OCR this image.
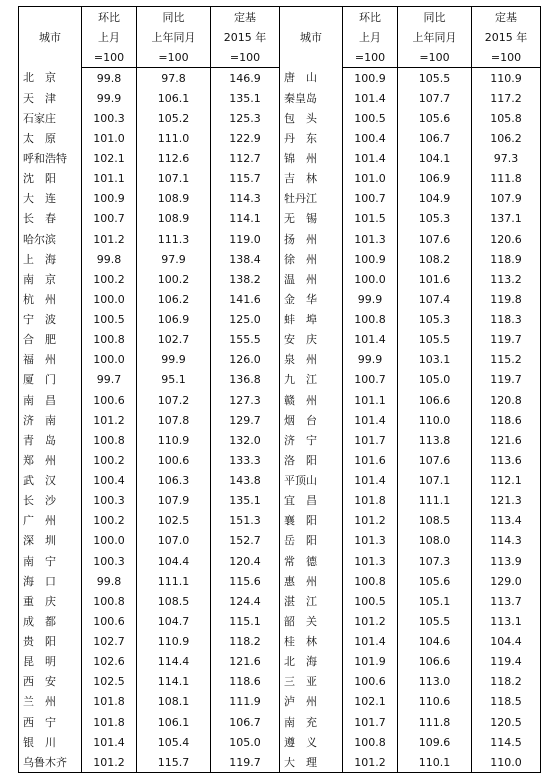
城市	环比	同比	定基	城市	环比	同比	定基
	上月	上年同月	2015 年		上月	上年同月	2015 年
	=100	=100	=100		=100	=100	=100
北　京	99.8	97.8	146.9	唐　山	100.9	105.5	110.9
天　津	99.9	106.1	135.1	秦皇岛	101.4	107.7	117.2
石家庄	100.3	105.2	125.3	包　头	100.5	105.6	105.8
太　原	101.0	111.0	122.9	丹　东	100.4	106.7	106.2
呼和浩特	102.1	112.6	112.7	锦　州	101.4	104.1	97.3
沈　阳	101.1	107.1	115.7	吉　林	101.0	106.9	111.8
大　连	100.9	108.9	114.3	牡丹江	100.7	104.9	107.9
长　春	100.7	108.9	114.1	无　锡	101.5	105.3	137.1
哈尔滨	101.2	111.3	119.0	扬　州	101.3	107.6	120.6
上　海	99.8	97.9	138.4	徐　州	100.9	108.2	118.9
南　京	100.2	100.2	138.2	温　州	100.0	101.6	113.2
杭　州	100.0	106.2	141.6	金　华	99.9	107.4	119.8
宁　波	100.5	106.9	125.0	蚌　埠	100.8	105.3	118.3
合　肥	100.8	102.7	155.5	安　庆	101.4	105.5	119.7
福　州	100.0	99.9	126.0	泉　州	99.9	103.1	115.2
厦　门	99.7	95.1	136.8	九　江	100.7	105.0	119.7
南　昌	100.6	107.2	127.3	赣　州	101.1	106.6	120.8
济　南	101.2	107.8	129.7	烟　台	101.4	110.0	118.6
青　岛	100.8	110.9	132.0	济　宁	101.7	113.8	121.6
郑　州	100.2	100.6	133.3	洛　阳	101.6	107.6	113.6
武　汉	100.4	106.3	143.8	平顶山	101.4	107.1	112.1
长　沙	100.3	107.9	135.1	宜　昌	101.8	111.1	121.3
广　州	100.2	102.5	151.3	襄　阳	101.2	108.5	113.4
深　圳	100.0	107.0	152.7	岳　阳	101.3	108.0	114.3
南　宁	100.3	104.4	120.4	常　德	101.3	107.3	113.9
海　口	99.8	111.1	115.6	惠　州	100.8	105.6	129.0
重　庆	100.8	108.5	124.4	湛　江	100.5	105.1	113.7
成　都	100.6	104.7	115.1	韶　关	101.2	105.5	113.1
贵　阳	102.7	110.9	118.2	桂　林	101.4	104.6	104.4
昆　明	102.6	114.4	121.6	北　海	101.9	106.6	119.4
西　安	102.5	114.1	118.6	三　亚	100.6	113.0	118.2
兰　州	101.8	108.1	111.9	泸　州	102.1	110.6	118.5
西　宁	101.8	106.1	106.7	南　充	101.7	111.8	120.5
银　川	101.4	105.4	105.0	遵　义	100.8	109.6	114.5
乌鲁木齐	101.2	115.7	119.7	大　理	101.2	110.1	110.0
